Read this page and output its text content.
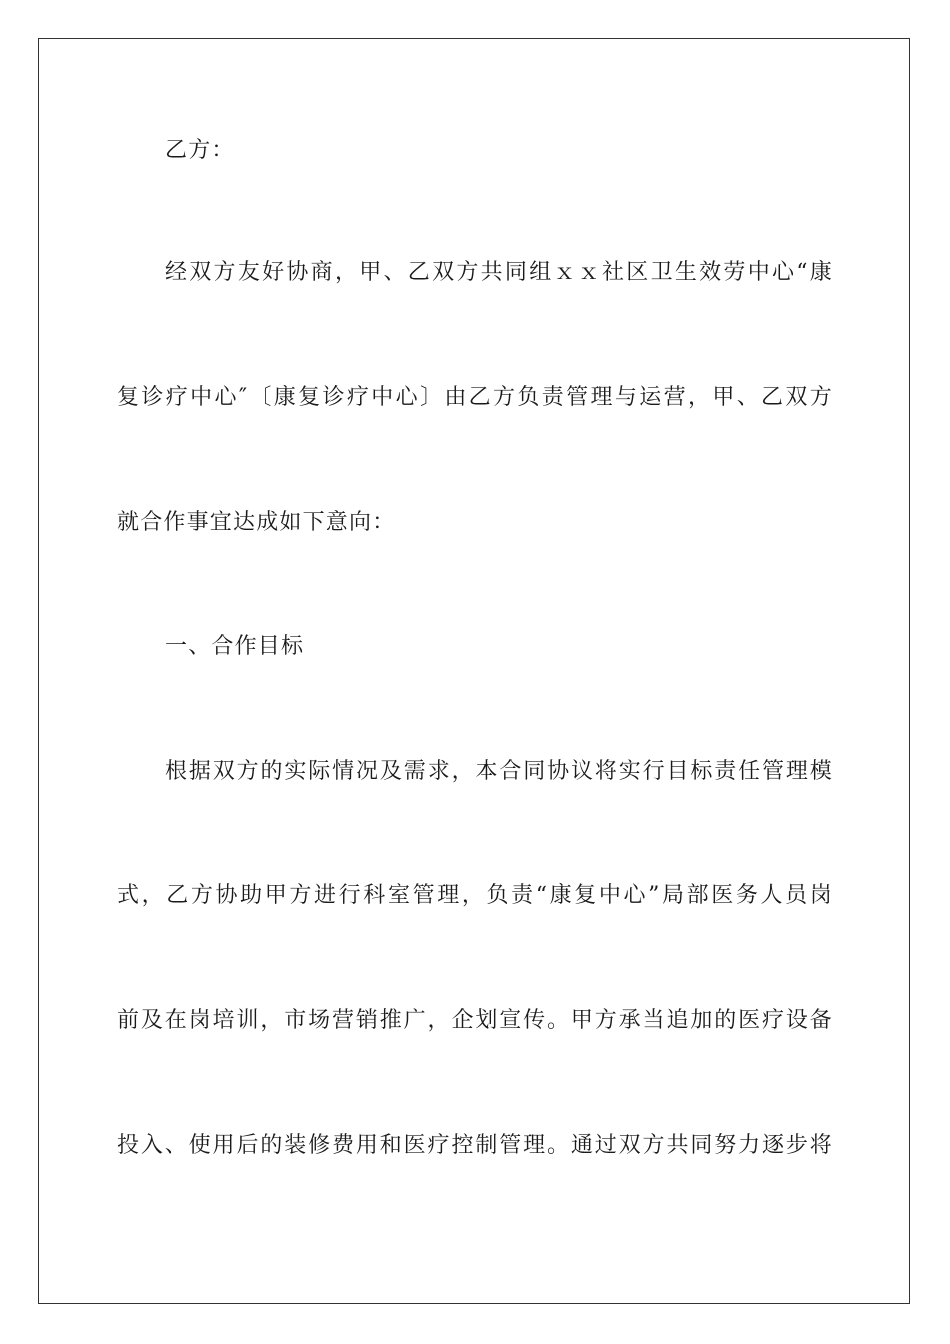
乙方：
经双方友好协商，甲、乙双方共同组ｘｘ社区卫生效劳中心“康
复诊疗中心″〔康复诊疗中心〕由乙方负责管理与运营，甲、乙双方
就合作事宜达成如下意向：
一、合作目标
根据双方的实际情况及需求，本合同协议将实行目标责任管理模
式，乙方协助甲方进行科室管理，负责“康复中心”局部医务人员岗
前及在岗培训，市场营销推广，企划宣传。甲方承当追加的医疗设备
投入、使用后的装修费用和医疗控制管理。通过双方共同努力逐步将
